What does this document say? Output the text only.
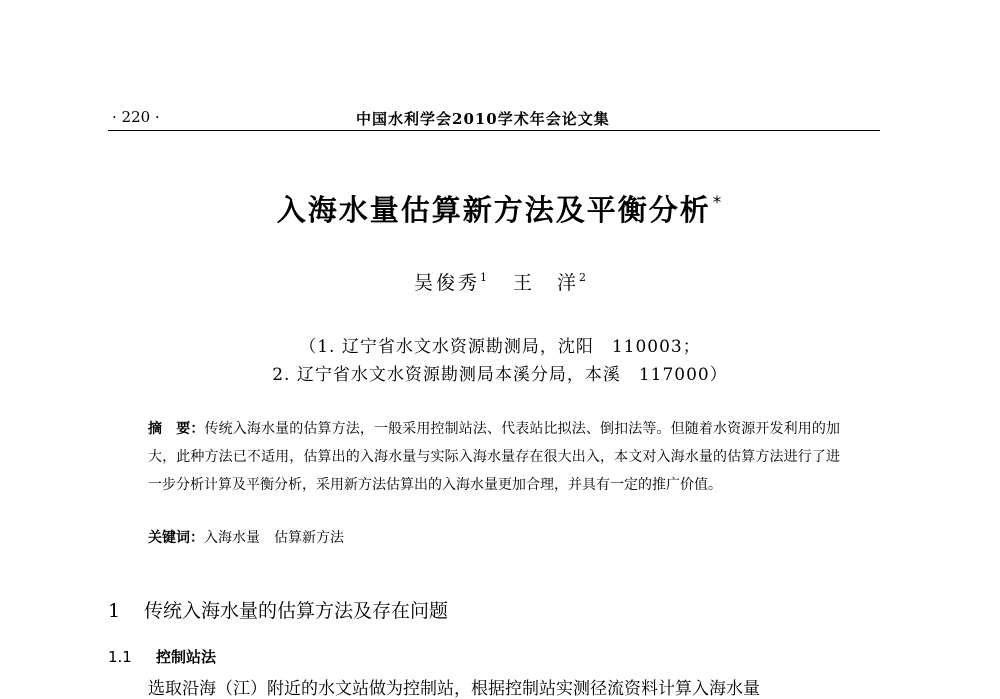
· 220 ·	中国水利学会2010学术年会论文集
入海水量估算新方法及平衡分析 *
吴俊秀$^1$ 王　洋$^2$
（1. 辽宁省水文水资源勘测局，沈阳　110003；
2. 辽宁省水文水资源勘测局本溪分局，本溪　117000）
摘　要：传统入海水量的估算方法，一般采用控制站法、代表站比拟法、倒扣法等。但随着水资源开发利用的加大，此种方法已不适用，估算出的入海水量与实际入海水量存在很大出入，本文对入海水量的估算方法进行了进一步分析计算及平衡分析，采用新方法估算出的入海水量更加合理，并具有一定的推广价值。
关键词：入海水量 估算新方法
1 传统入海水量的估算方法及存在问题
1.1 控制站法
选取沿海（江）附近的水文站做为控制站，根据控制站实测径流资料计算入海水量
